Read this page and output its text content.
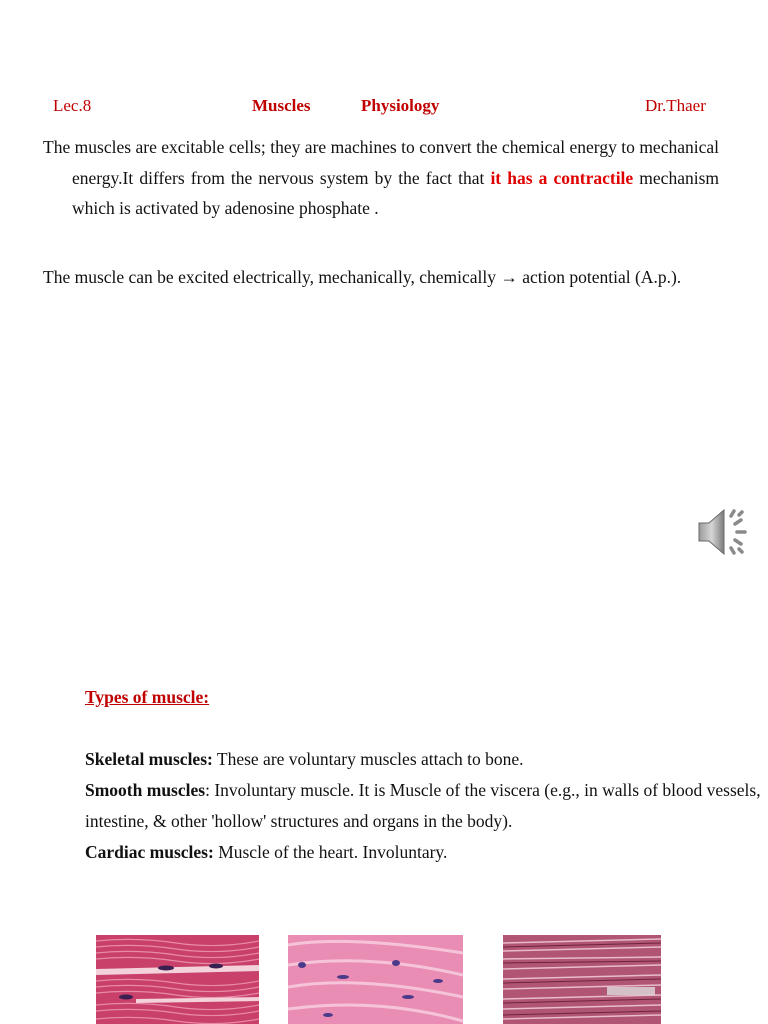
Lec.8	Muscles	Physiology	Dr.Thaer
The muscles are excitable cells; they are machines to convert the chemical energy to mechanical energy.It differs from the nervous system by the fact that it has a contractile mechanism which is activated by adenosine phosphate .
The muscle can be excited electrically, mechanically, chemically → action potential (A.p.).
Types of muscle:
Skeletal muscles: These are voluntary muscles attach to bone.
Smooth muscles: Involuntary muscle. It is Muscle of the viscera (e.g., in walls of blood vessels, intestine, & other 'hollow' structures and organs in the body).
Cardiac muscles: Muscle of the heart. Involuntary.
